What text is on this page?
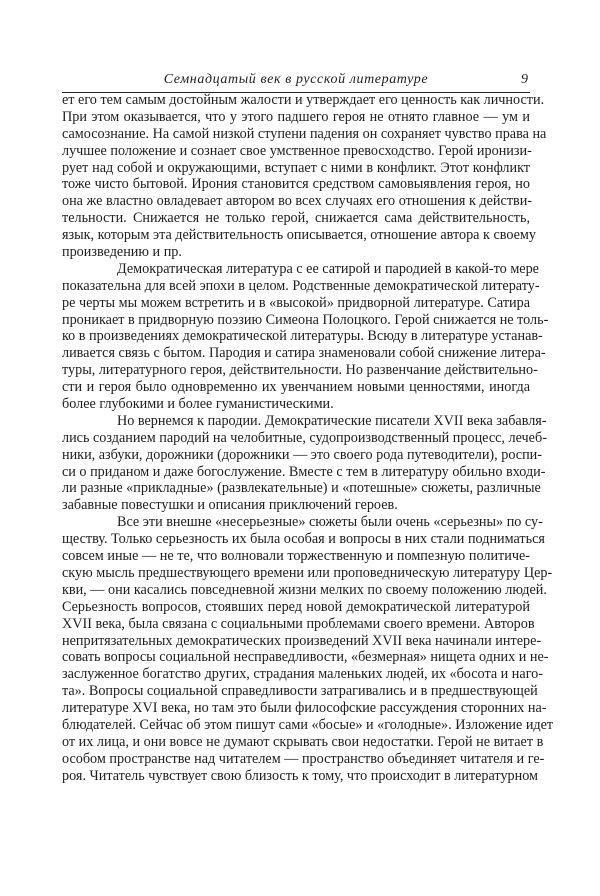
Семнадцатый век в русской литературе	9
ет его тем самым достойным жалости и утверждает его ценность как личности.
При этом оказывается, что у этого падшего героя не отнято главное — ум и
самосознание. На самой низкой ступени падения он сохраняет чувство права на
лучшее положение и сознает свое умственное превосходство. Герой иронизи-
рует над собой и окружающими, вступает с ними в конфликт. Этот конфликт
тоже чисто бытовой. Ирония становится средством самовыявления героя, но
она же властно овладевает автором во всех случаях его отношения к действи-
тельности. Снижается не только герой, снижается сама действительность,
язык, которым эта действительность описывается, отношение автора к своему
произведению и пр.
Демократическая литература с ее сатирой и пародией в какой-то мере
показательна для всей эпохи в целом. Родственные демократической литерату-
ре черты мы можем встретить и в «высокой» придворной литературе. Сатира
проникает в придворную поэзию Симеона Полоцкого. Герой снижается не толь-
ко в произведениях демократической литературы. Всюду в литературе устанав-
ливается связь с бытом. Пародия и сатира знаменовали собой снижение литера-
туры, литературного героя, действительности. Но развенчание действительно-
сти и героя было одновременно их увенчанием новыми ценностями, иногда
более глубокими и более гуманистическими.
Но вернемся к пародии. Демократические писатели XVII века забавля-
лись созданием пародий на челобитные, судопроизводственный процесс, лечеб-
ники, азбуки, дорожники (дорожники — это своего рода путеводители), роспи-
си о приданом и даже богослужение. Вместе с тем в литературу обильно входи-
ли разные «прикладные» (развлекательные) и «потешные» сюжеты, различные
забавные повестушки и описания приключений героев.
Все эти внешне «несерьезные» сюжеты были очень «серьезны» по су-
ществу. Только серьезность их была особая и вопросы в них стали подниматься
совсем иные — не те, что волновали торжественную и помпезную политиче-
скую мысль предшествующего времени или проповедническую литературу Цер-
кви, — они касались повседневной жизни мелких по своему положению людей.
Серьезность вопросов, стоявших перед новой демократической литературой
XVII века, была связана с социальными проблемами своего времени. Авторов
непритязательных демократических произведений XVII века начинали интере-
совать вопросы социальной несправедливости, «безмерная» нищета одних и не-
заслуженное богатство других, страдания маленьких людей, их «босота и наго-
та». Вопросы социальной справедливости затрагивались и в предшествующей
литературе XVI века, но там это были философские рассуждения сторонних на-
блюдателей. Сейчас об этом пишут сами «босые» и «голодные». Изложение идет
от их лица, и они вовсе не думают скрывать свои недостатки. Герой не витает в
особом пространстве над читателем — пространство объединяет читателя и ге-
роя. Читатель чувствует свою близость к тому, что происходит в литературном
